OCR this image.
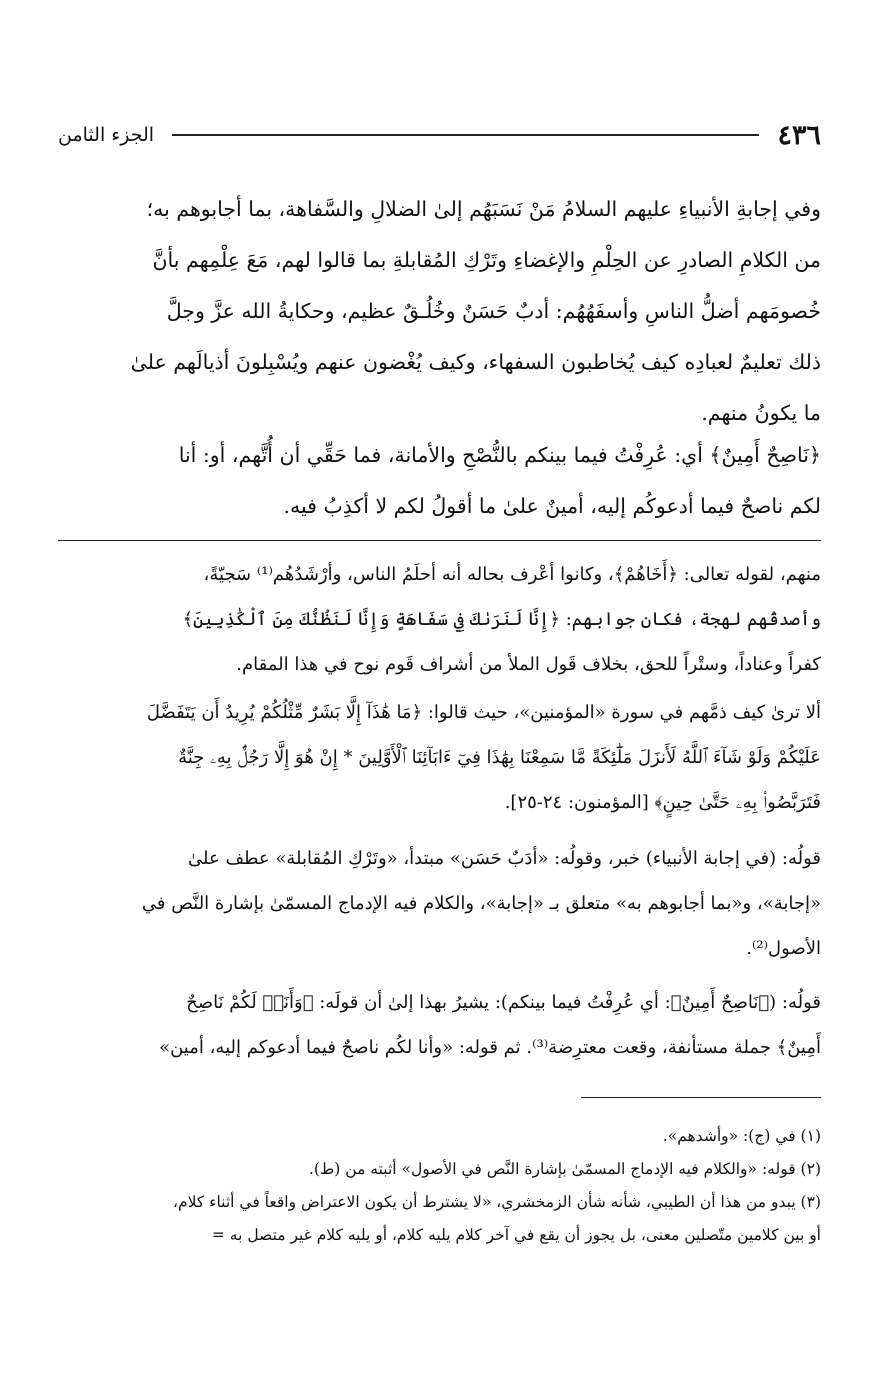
٤٣٦
الجزء الثامن
وفي إجابةِ الأنبياءِ عليهم السلامُ مَنْ نَسَبَهُم إلىٰ الضلالِ والسَّفاهة، بما أجابوهم به؛
من الكلامِ الصادرِ عن الحِلْمِ والإغضاءِ وتَرْكِ المُقابلةِ بما قالوا لهم، مَعَ عِلْمِهم بأنَّ
خُصومَهم أضلُّ الناسِ وأسفَهُهُم: أدبٌ حَسَنٌ وخُلُـقٌ عظيم، وحكايةُ الله عزَّ وجلَّ
ذلك تعليمٌ لعبادِه كيف يُخاطبون السفهاء، وكيف يُغْضون عنهم ويُسْبِلونَ أذيالَهم علىٰ
ما يكونُ منهم.
﴿نَاصِحٌ أَمِينٌ﴾ أي: عُرِفْتُ فيما بينكم بالنُّصْحِ والأمانة، فما حَقِّي أن أُتَّهم، أو: أنا
لكم ناصحٌ فيما أدعوكُم إليه، أمينٌ علىٰ ما أقولُ لكم لا أكذِبُ فيه.
منهم، لقوله تعالى: ﴿أَخَاهُمْ﴾، وكانوا أعْرف بحاله أنه أحلَمُ الناس، وأرْشَدُهُم⁽¹⁾ سَجيّةً،
وأصدقُهم لهجة، فكان جوابهم: ﴿إِنَّا لَنَرَىٰكَ فِي سَفَاهَةٍ وَإِنَّا لَنَظُنُّكَ مِنَ ٱلْكَٰذِبِينَ﴾
كفراً وعناداً، وستْراً للحق، بخلاف قَول الملأ من أشراف قَوم نوح في هذا المقام.
ألا ترىٰ كيف ذمَّهم في سورة «المؤمنين»، حيث قالوا: ﴿مَا هَٰذَآ إِلَّا بَشَرٌ مِّثْلُكُمْ يُرِيدُ أَن يَتَفَضَّلَ
عَلَيْكُمْ وَلَوْ شَآءَ ٱللَّهُ لَأَنزَلَ مَلَٰٓئِكَةً مَّا سَمِعْنَا بِهَٰذَا فِيٓ ءَابَآئِنَا ٱلْأَوَّلِينَ * إِنْ هُوَ إِلَّا رَجُلٌۢ بِهِۦ جِنَّةٌ
فَتَرَبَّصُوا۟ بِهِۦ حَتَّىٰ حِينٍ﴾ [المؤمنون: ٢٤-٢٥].
قولُه: (في إجابة الأنبياء) خبر، وقولُه: «أدَبٌ حَسَن» مبتدأ، «وتَرْكِ المُقابلة» عطف علىٰ
«إجابة»، و«بما أجابوهم به» متعلق بـ «إجابة»، والكلام فيه الإدماج المسمّىٰ بإشارة النَّص في
الأصول⁽²⁾.
قولُه: (﴿نَاصِحٌ أَمِينٌ﴾: أي عُرِفْتُ فيما بينكم): يشيرُ بهذا إلىٰ أن قولَه: ﴿وَأَنَا۠ لَكُمْ نَاصِحٌ
أَمِينٌ﴾ جملة مستأنفة، وقعت معترِضة⁽³⁾. ثم قوله: «وأنا لكُم ناصحٌ فيما أدعوكم إليه، أمين»
(١) في (ج): «وأشدهم».
(٢) قوله: «والكلام فيه الإدماج المسمّىٰ بإشارة النَّص في الأصول» أثبته من (ط).
(٣) يبدو من هذا أن الطيبي، شأنه شأن الزمخشري، «لا يشترط أن يكون الاعتراض واقعاً في أثناء كلام،
أو بين كلامين متّصلين معنى، بل يجوز أن يقع في آخر كلام يليه كلام، أو يليه كلام غير متصل به =
